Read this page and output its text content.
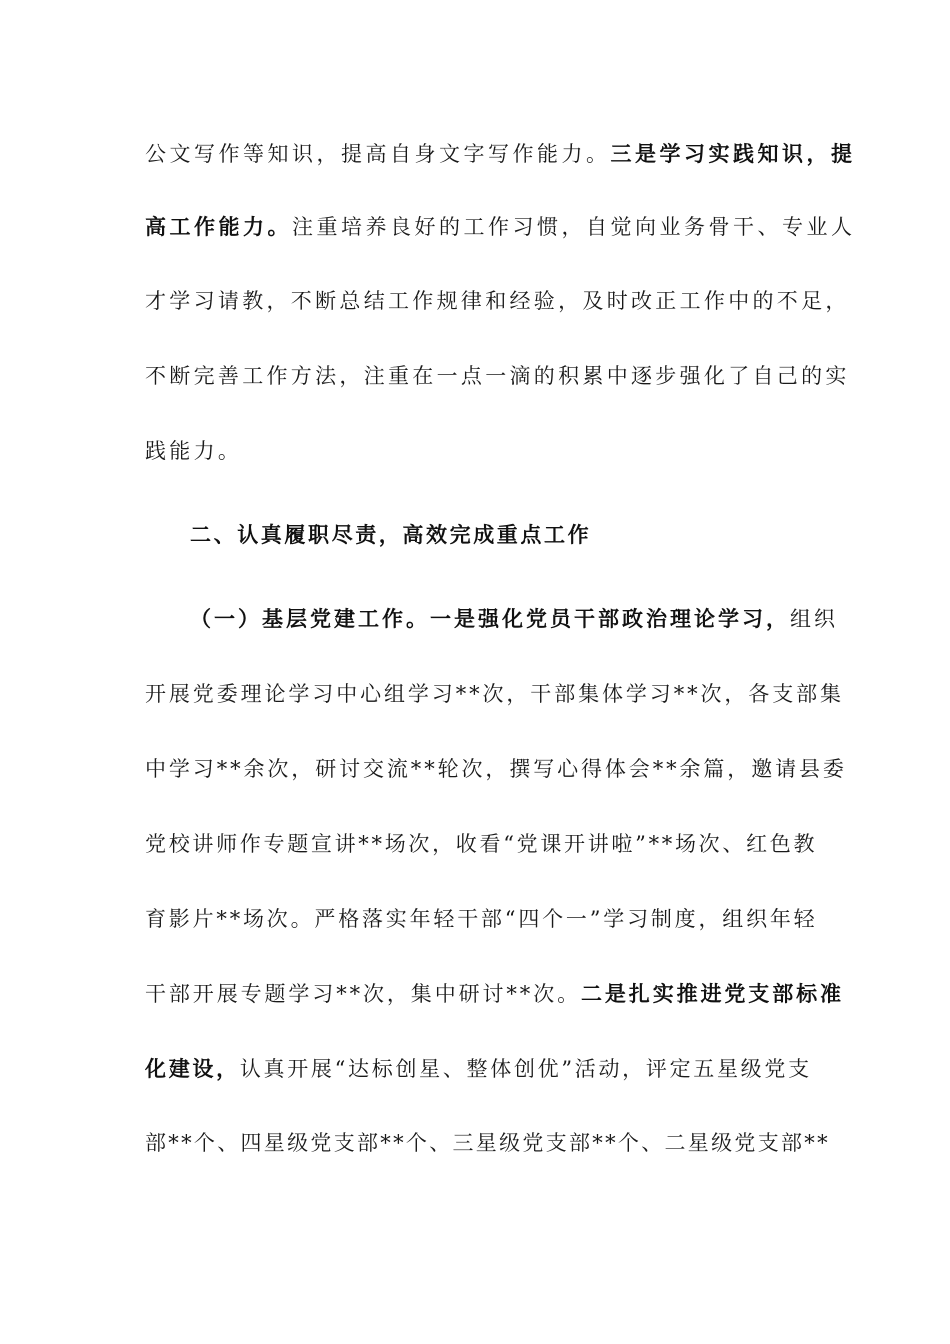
公文写作等知识，提高自身文字写作能力。三是学习实践知识，提
高工作能力。注重培养良好的工作习惯，自觉向业务骨干、专业人
才学习请教，不断总结工作规律和经验，及时改正工作中的不足，
不断完善工作方法，注重在一点一滴的积累中逐步强化了自己的实
践能力。
二、认真履职尽责，高效完成重点工作
（一）基层党建工作。一是强化党员干部政治理论学习，组织
开展党委理论学习中心组学习**次，干部集体学习**次，各支部集
中学习**余次，研讨交流**轮次，撰写心得体会**余篇，邀请县委
党校讲师作专题宣讲**场次，收看“党课开讲啦”**场次、红色教
育影片**场次。严格落实年轻干部“四个一”学习制度，组织年轻
干部开展专题学习**次，集中研讨**次。二是扎实推进党支部标准
化建设，认真开展“达标创星、整体创优”活动，评定五星级党支
部**个、四星级党支部**个、三星级党支部**个、二星级党支部**
